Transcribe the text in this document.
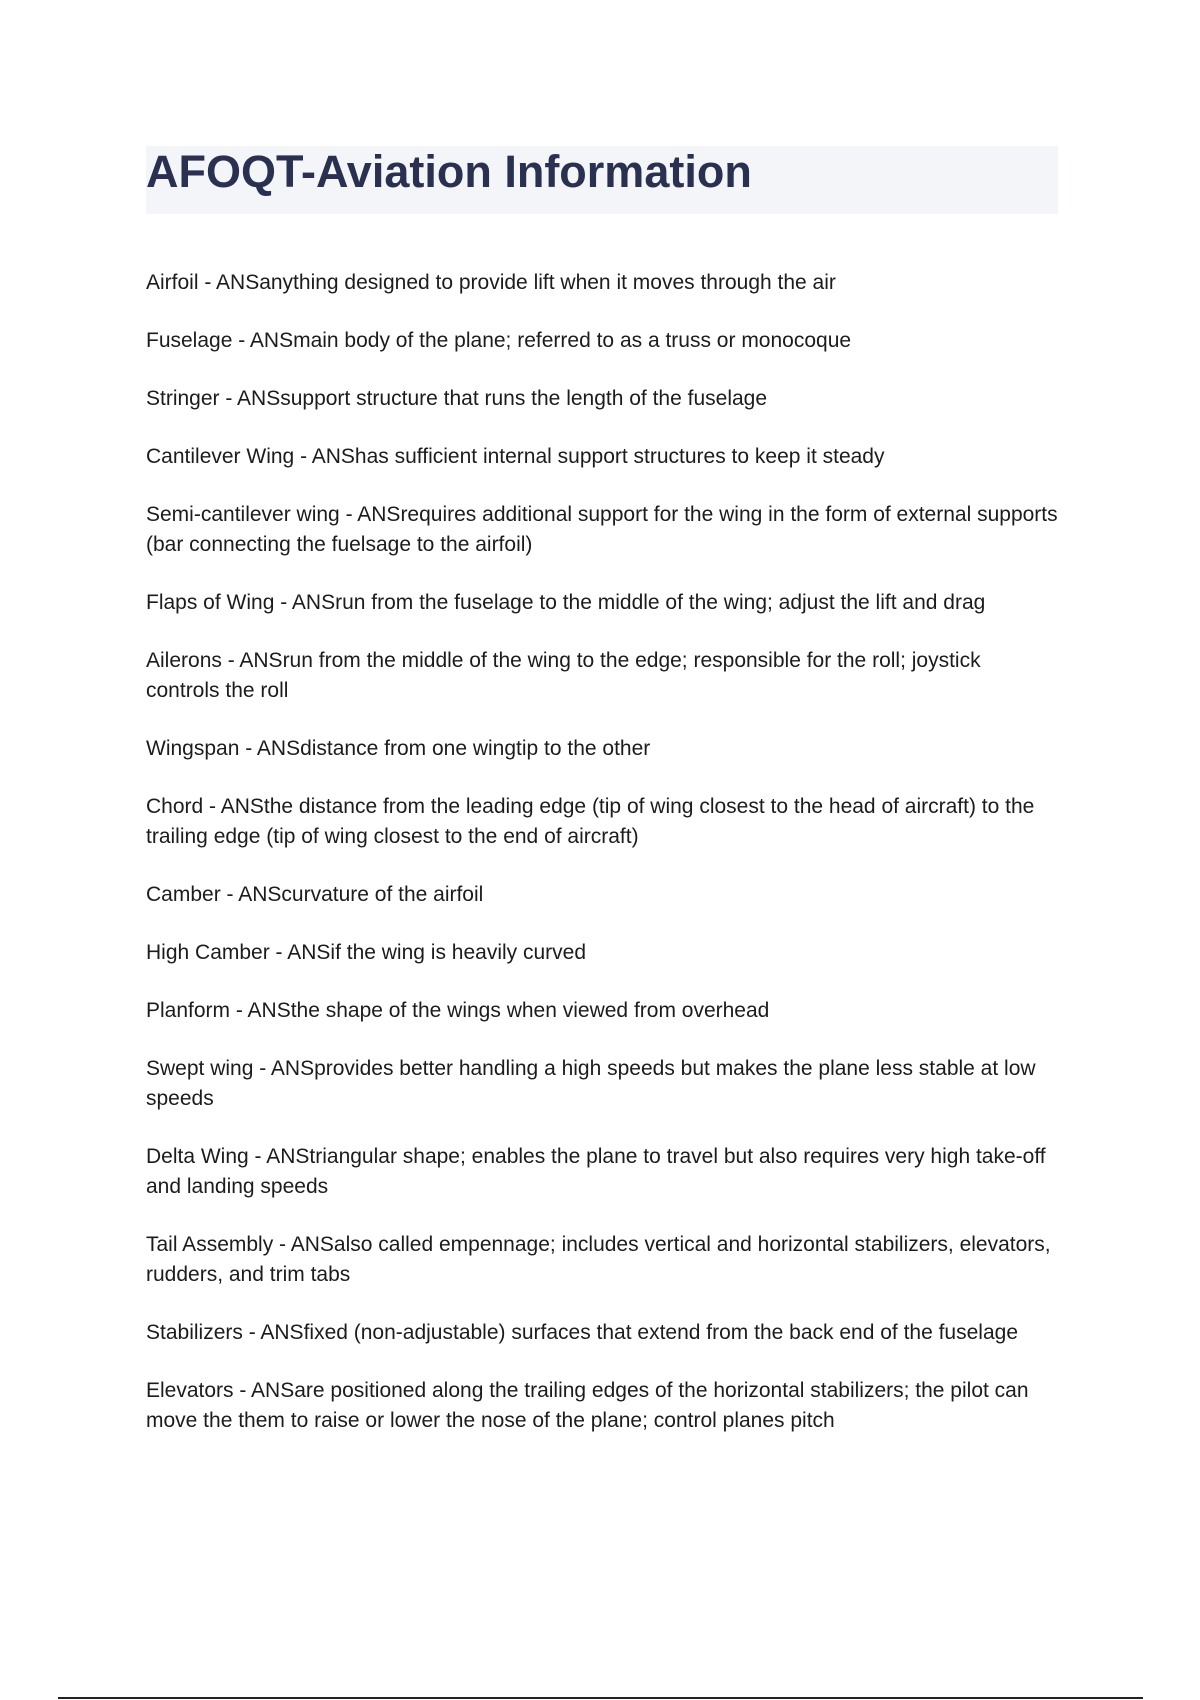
AFOQT-Aviation Information
Airfoil - ANSanything designed to provide lift when it moves through the air
Fuselage - ANSmain body of the plane; referred to as a truss or monocoque
Stringer - ANSsupport structure that runs the length of the fuselage
Cantilever Wing - ANShas sufficient internal support structures to keep it steady
Semi-cantilever wing - ANSrequires additional support for the wing in the form of external supports (bar connecting the fuelsage to the airfoil)
Flaps of Wing - ANSrun from the fuselage to the middle of the wing; adjust the lift and drag
Ailerons - ANSrun from the middle of the wing to the edge; responsible for the roll; joystick controls the roll
Wingspan - ANSdistance from one wingtip to the other
Chord - ANSthe distance from the leading edge (tip of wing closest to the head of aircraft) to the trailing edge (tip of wing closest to the end of aircraft)
Camber - ANScurvature of the airfoil
High Camber - ANSif the wing is heavily curved
Planform - ANSthe shape of the wings when viewed from overhead
Swept wing - ANSprovides better handling a high speeds but makes the plane less stable at low speeds
Delta Wing - ANStriangular shape; enables the plane to travel but also requires very high take-off and landing speeds
Tail Assembly - ANSalso called empennage; includes vertical and horizontal stabilizers, elevators, rudders, and trim tabs
Stabilizers - ANSfixed (non-adjustable) surfaces that extend from the back end of the fuselage
Elevators - ANSare positioned along the trailing edges of the horizontal stabilizers; the pilot can move the them to raise or lower the nose of the plane; control planes pitch
